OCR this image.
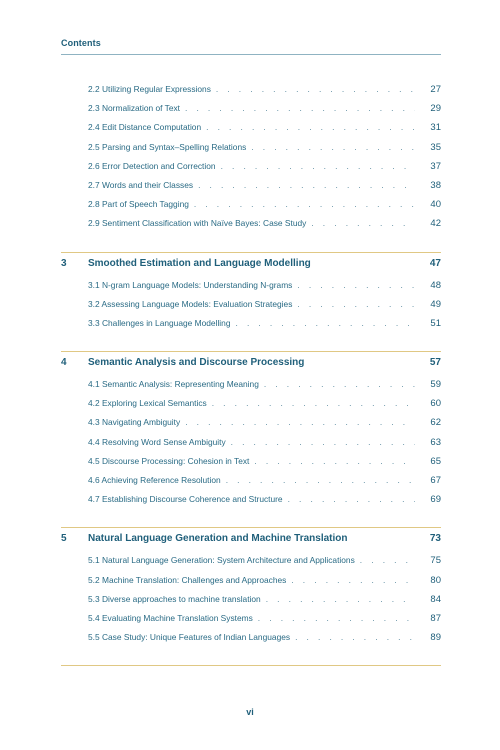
Contents
2.2 Utilizing Regular Expressions . . .	27
2.3 Normalization of Text . . .	29
2.4 Edit Distance Computation . . .	31
2.5 Parsing and Syntax–Spelling Relations . . .	35
2.6 Error Detection and Correction . . .	37
2.7 Words and their Classes . . .	38
2.8 Part of Speech Tagging . . .	40
2.9 Sentiment Classification with Naïve Bayes: Case Study . . .	42
3	Smoothed Estimation and Language Modelling	47
3.1 N-gram Language Models: Understanding N-grams . . .	48
3.2 Assessing Language Models: Evaluation Strategies . . .	49
3.3 Challenges in Language Modelling . . .	51
4	Semantic Analysis and Discourse Processing	57
4.1 Semantic Analysis: Representing Meaning . . .	59
4.2 Exploring Lexical Semantics . . .	60
4.3 Navigating Ambiguity . . .	62
4.4 Resolving Word Sense Ambiguity . . .	63
4.5 Discourse Processing: Cohesion in Text . . .	65
4.6 Achieving Reference Resolution . . .	67
4.7 Establishing Discourse Coherence and Structure . . .	69
5	Natural Language Generation and Machine Translation	73
5.1 Natural Language Generation: System Architecture and Applications . . .	75
5.2 Machine Translation: Challenges and Approaches . . .	80
5.3 Diverse approaches to machine translation . . .	84
5.4 Evaluating Machine Translation Systems . . .	87
5.5 Case Study: Unique Features of Indian Languages . . .	89
vi
